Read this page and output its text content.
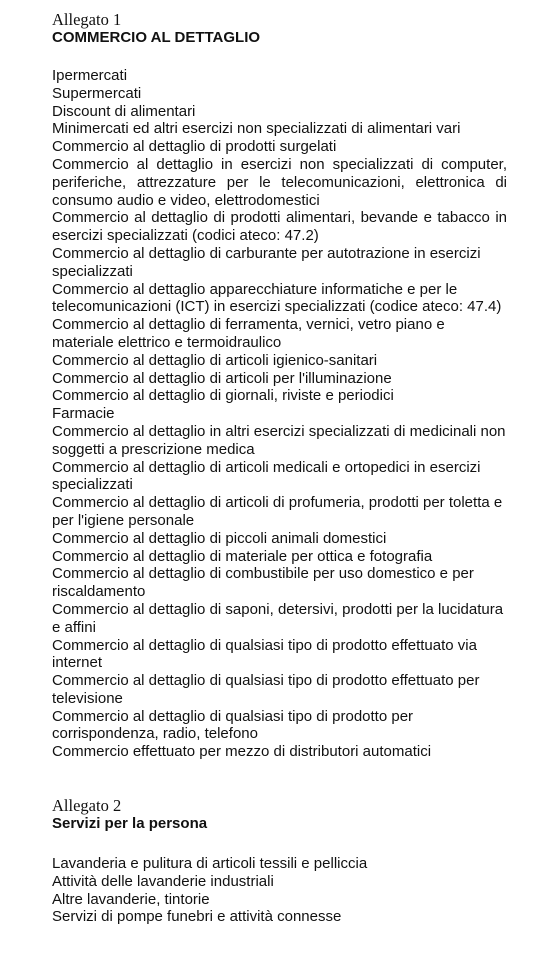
Allegato 1

COMMERCIO AL DETTAGLIO
Ipermercati
Supermercati
Discount di alimentari
Minimercati ed altri esercizi non specializzati di alimentari vari
Commercio al dettaglio di prodotti surgelati
Commercio al dettaglio in esercizi non specializzati di computer, periferiche, attrezzature per le telecomunicazioni, elettronica di consumo audio e video, elettrodomestici
Commercio al dettaglio di prodotti alimentari, bevande e tabacco in esercizi specializzati (codici ateco: 47.2)
Commercio al dettaglio di carburante per autotrazione in esercizi specializzati
Commercio al dettaglio apparecchiature informatiche e per le telecomunicazioni (ICT) in esercizi specializzati (codice ateco: 47.4)
Commercio al dettaglio di ferramenta, vernici, vetro piano e materiale elettrico e termoidraulico
Commercio al dettaglio di articoli igienico-sanitari
Commercio al dettaglio di articoli per l'illuminazione
Commercio al dettaglio di giornali, riviste e periodici
Farmacie
Commercio al dettaglio in altri esercizi specializzati di medicinali non soggetti a prescrizione medica
Commercio al dettaglio di articoli medicali e ortopedici in esercizi specializzati
Commercio al dettaglio di articoli di profumeria, prodotti per toletta e per l'igiene personale
Commercio al dettaglio di piccoli animali domestici
Commercio al dettaglio di materiale per ottica e fotografia
Commercio al dettaglio di combustibile per uso domestico e per riscaldamento
Commercio al dettaglio di saponi, detersivi, prodotti per la lucidatura e affini
Commercio al dettaglio di qualsiasi tipo di prodotto effettuato via internet
Commercio al dettaglio di qualsiasi tipo di prodotto effettuato per televisione
Commercio al dettaglio di qualsiasi tipo di prodotto per corrispondenza, radio, telefono
Commercio effettuato per mezzo di distributori automatici

Allegato 2

Servizi per la persona
Lavanderia e pulitura di articoli tessili e pelliccia
Attività delle lavanderie industriali
Altre lavanderie, tintorie
Servizi di pompe funebri e attività connesse
